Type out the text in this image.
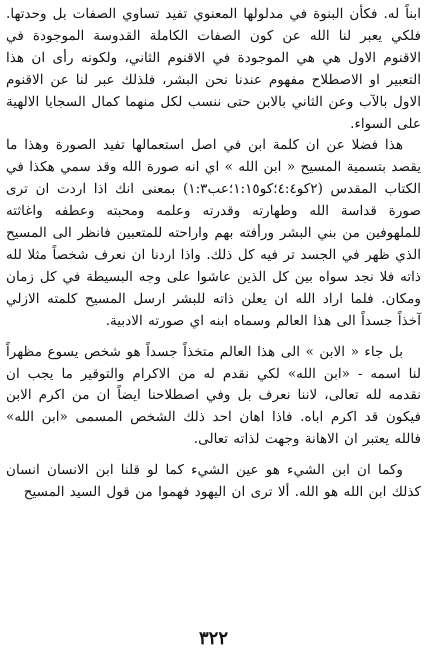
ابناً له. فكأن البنوة في مدلولها المعنوي تفيد تساوي الصفات بل وحدتها. فلكي يعبر لنا الله عن كون الصفات الكاملة القدوسة الموجودة في الاقنوم الاول هي هي الموجودة في الاقنوم الثاني، ولكونه رأى ان هذا التعبير او الاصطلاح مفهوم عندنا نحن البشر، فلذلك عبر لنا عن الاقنوم الاول بالآب وعن الثاني بالابن حتى ننسب لكل منهما كمال السجايا الالهية على السواء.

هذا فضلا عن ان كلمة ابن في اصل استعمالها تفيد الصورة وهذا ما يقصد بتسمية المسيح « ابن الله » اي انه صورة الله وقد سمي هكذا في الكتاب المقدس (٢كو٤:٤؛كو١:١٥؛عب١:٣) بمعنى انك اذا اردت ان ترى صورة قداسة الله وطهارته وقدرته وعلمه ومحبته وعطفه واغاثته للملهوفين من بني البشر ورأفته بهم واراحته للمتعبين فانظر الى المسيح الذي ظهر في الجسد تر فيه كل ذلك. واذا اردنا ان نعرف شخصاً مثلا لله ذاته فلا نجد سواه بين كل الذين عاشوا على وجه البسيطة في كل زمان ومكان. فلما اراد الله ان يعلن ذاته للبشر ارسل المسيح كلمته الازلي آخذاً جسداً الى هذا العالم وسماه ابنه اي صورته الادبية.

بل جاء « الابن » الى هذا العالم متخذاً جسداً هو شخص يسوع مظهراً لنا اسمه - «ابن الله» لكي نقدم له من الاكرام والتوقير ما يجب ان نقدمه لله تعالى، لاننا نعرف بل وفي اصطلاحنا ايضاً ان من اكرم الابن فيكون قد اكرم اباه. فاذا اهان احد ذلك الشخص المسمى «ابن الله» فالله يعتبر ان الاهانة وجهت لذاته تعالى.

وكما ان ابن الشيء هو عين الشيء كما لو قلنا ابن الانسان انسان كذلك ابن الله هو الله. ألا ترى ان اليهود فهموا من قول السيد المسيح

٣٢٢
